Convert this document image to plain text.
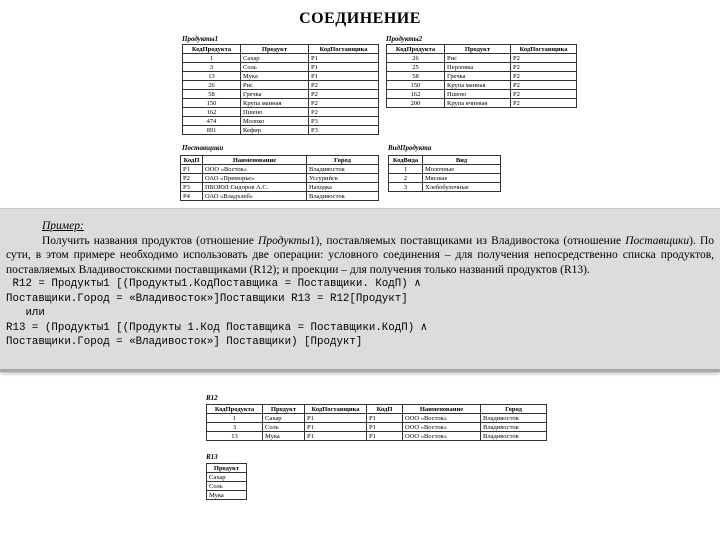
СОЕДИНЕНИЕ
Продукты1
КодПродукта	Продукт	КодПоставщика
1	Сахар	P1
3	Соль	P1
13	Мука	P1
26	Рис	P2
58	Гречка	P2
150	Крупа манная	P2
162	Пшено	P2
474	Молоко	P3
891	Кефир	P3
Продукты2
КодПродукта	Продукт	КодПоставщика
26	Рис	P2
25	Перловка	P2
58	Гречка	P2
150	Крупа манная	P2
162	Пшено	P2
200	Крупа ячневая	P2
Поставщики
КодП	Наименование	Город
P1	ООО «Восток»	Владивосток
P2	ОАО «Приморье»	Уссурийск
P3	ПБОЮЛ Сидоров А.С.	Находка
P4	ОАО «Владхлеб»	Владивосток
ВидПродукта
КодВида	Вид
1	Молочные
2	Мясные
3	Хлебобулочные
Пример:
Получить названия продуктов (отношение Продукты1), поставляемых поставщиками из Владивостока (отношение Поставщики). По сути, в этом примере необходимо использовать две операции: условного соединения – для получения непосредственно списка продуктов, поставляемых Владивостокскими поставщиками (R12); и проекции – для получения только названий продуктов (R13).
R12 = Продукты1 [(Продукты1.КодПоставщика = Поставщики. КодП) ∧
Поставщики.Город = «Владивосток»]Поставщики R13 = R12[Продукт]
или
R13 = (Продукты1 [(Продукты 1.Код Поставщика = Поставщики.КодП) ∧
Поставщики.Город = «Владивосток»] Поставщики) [Продукт]
R12
КодПродукта	Продукт	КодПоставщика	КодП	Наименование	Город
1	Сахар	P1	P1	ООО «Восток»	Владивосток
3	Соль	P1	P1	ООО «Восток»	Владивосток
13	Мука	P1	P1	ООО «Восток»	Владивосток
R13
Продукт
Сахар
Соль
Мука
